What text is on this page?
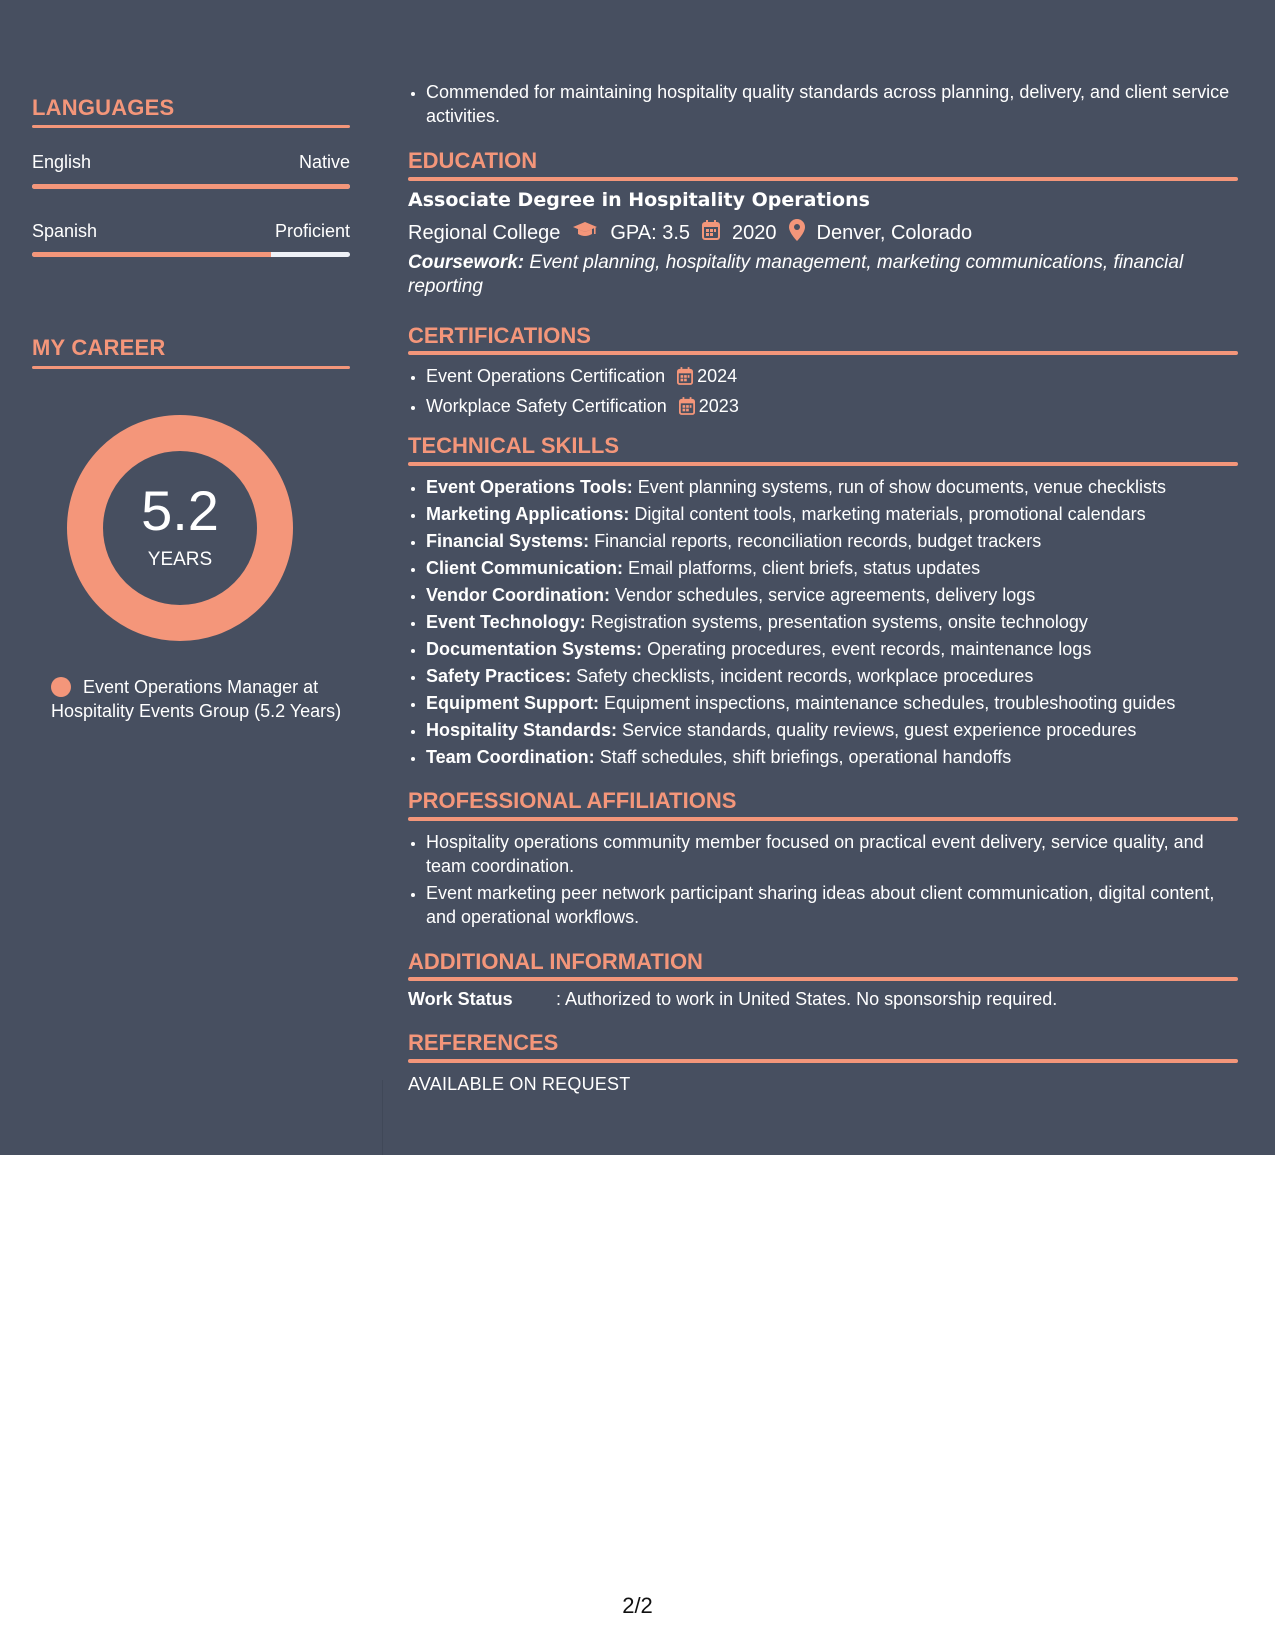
LANGUAGES
English	Native
Spanish	Proficient
MY CAREER
5.2
YEARS
Event Operations Manager at Hospitality Events Group (5.2 Years)
• Commended for maintaining hospitality quality standards across planning, delivery, and client service activities.
EDUCATION
Associate Degree in Hospitality Operations
Regional College	GPA: 3.5 2020 Denver, Colorado
Coursework: Event planning, hospitality management, marketing communications, financial reporting
CERTIFICATIONS
• Event Operations Certification 2024
• Workplace Safety Certification 2023
TECHNICAL SKILLS
• Event Operations Tools: Event planning systems, run of show documents, venue checklists
• Marketing Applications: Digital content tools, marketing materials, promotional calendars
• Financial Systems: Financial reports, reconciliation records, budget trackers
• Client Communication: Email platforms, client briefs, status updates
• Vendor Coordination: Vendor schedules, service agreements, delivery logs
• Event Technology: Registration systems, presentation systems, onsite technology
• Documentation Systems: Operating procedures, event records, maintenance logs
• Safety Practices: Safety checklists, incident records, workplace procedures
• Equipment Support: Equipment inspections, maintenance schedules, troubleshooting guides
• Hospitality Standards: Service standards, quality reviews, guest experience procedures
• Team Coordination: Staff schedules, shift briefings, operational handoffs
PROFESSIONAL AFFILIATIONS
• Hospitality operations community member focused on practical event delivery, service quality, and team coordination.
• Event marketing peer network participant sharing ideas about client communication, digital content, and operational workflows.
ADDITIONAL INFORMATION
Work Status : Authorized to work in United States. No sponsorship required.
REFERENCES
AVAILABLE ON REQUEST
2/2
